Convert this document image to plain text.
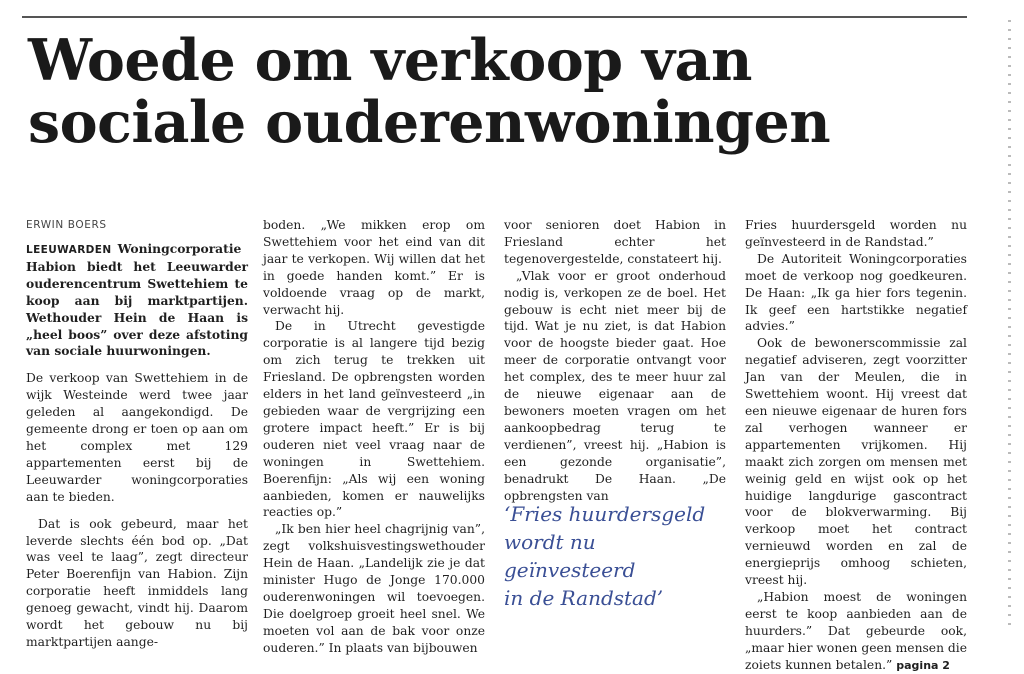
Woede om verkoop van
sociale ouderenwoningen
ERWIN BOERS

LEEUWARDEN Woningcorporatie Habion biedt het Leeuwarder ouderencentrum Swettehiem te koop aan bij marktpartijen. Wethouder Hein de Haan is „heel boos” over deze afstoting van sociale huurwoningen.

De verkoop van Swettehiem in de wijk Westeinde werd twee jaar geleden al aangekondigd. De gemeente drong er toen op aan om het complex met 129 appartementen eerst bij de Leeuwarder woningcorporaties aan te bieden.

Dat is ook gebeurd, maar het leverde slechts één bod op. „Dat was veel te laag”, zegt directeur Peter Boerenfijn van Habion. Zijn corporatie heeft inmiddels lang genoeg gewacht, vindt hij. Daarom wordt het gebouw nu bij marktpartijen aange-

boden. „We mikken erop om Swettehiem voor het eind van dit jaar te verkopen. Wij willen dat het in goede handen komt.” Er is voldoende vraag op de markt, verwacht hij.

De in Utrecht gevestigde corporatie is al langere tijd bezig om zich terug te trekken uit Friesland. De opbrengsten worden elders in het land geïnvesteerd „in gebieden waar de vergrijzing een grotere impact heeft.” Er is bij ouderen niet veel vraag naar de woningen in Swettehiem. Boerenfijn: „Als wij een woning aanbieden, komen er nauwelijks reacties op.”

„Ik ben hier heel chagrijnig van”, zegt volkshuisvestingswethouder Hein de Haan. „Landelijk zie je dat minister Hugo de Jonge 170.000 ouderenwoningen wil toevoegen. Die doelgroep groeit heel snel. We moeten vol aan de bak voor onze ouderen.” In plaats van bijbouwen

voor senioren doet Habion in Friesland echter het tegenovergestelde, constateert hij.

„Vlak voor er groot onderhoud nodig is, verkopen ze de boel. Het gebouw is echt niet meer bij de tijd. Wat je nu ziet, is dat Habion voor de hoogste bieder gaat. Hoe meer de corporatie ontvangt voor het complex, des te meer huur zal de nieuwe eigenaar aan de bewoners moeten vragen om het aankoopbedrag terug te verdienen”, vreest hij. „Habion is een gezonde organisatie”, benadrukt De Haan. „De opbrengsten van

‘Fries huurdersgeld
wordt nu
geïnvesteerd
in de Randstad’

Fries huurdersgeld worden nu geïnvesteerd in de Randstad.”

De Autoriteit Woningcorporaties moet de verkoop nog goedkeuren. De Haan: „Ik ga hier fors tegenin. Ik geef een hartstikke negatief advies.”

Ook de bewonerscommissie zal negatief adviseren, zegt voorzitter Jan van der Meulen, die in Swettehiem woont. Hij vreest dat een nieuwe eigenaar de huren fors zal verhogen wanneer er appartementen vrijkomen. Hij maakt zich zorgen om mensen met weinig geld en wijst ook op het huidige langdurige gascontract voor de blokverwarming. Bij verkoop moet het contract vernieuwd worden en zal de energieprijs omhoog schieten, vreest hij.

„Habion moest de woningen eerst te koop aanbieden aan de huurders.” Dat gebeurde ook, „maar hier wonen geen mensen die zoiets kunnen betalen.” pagina 2
